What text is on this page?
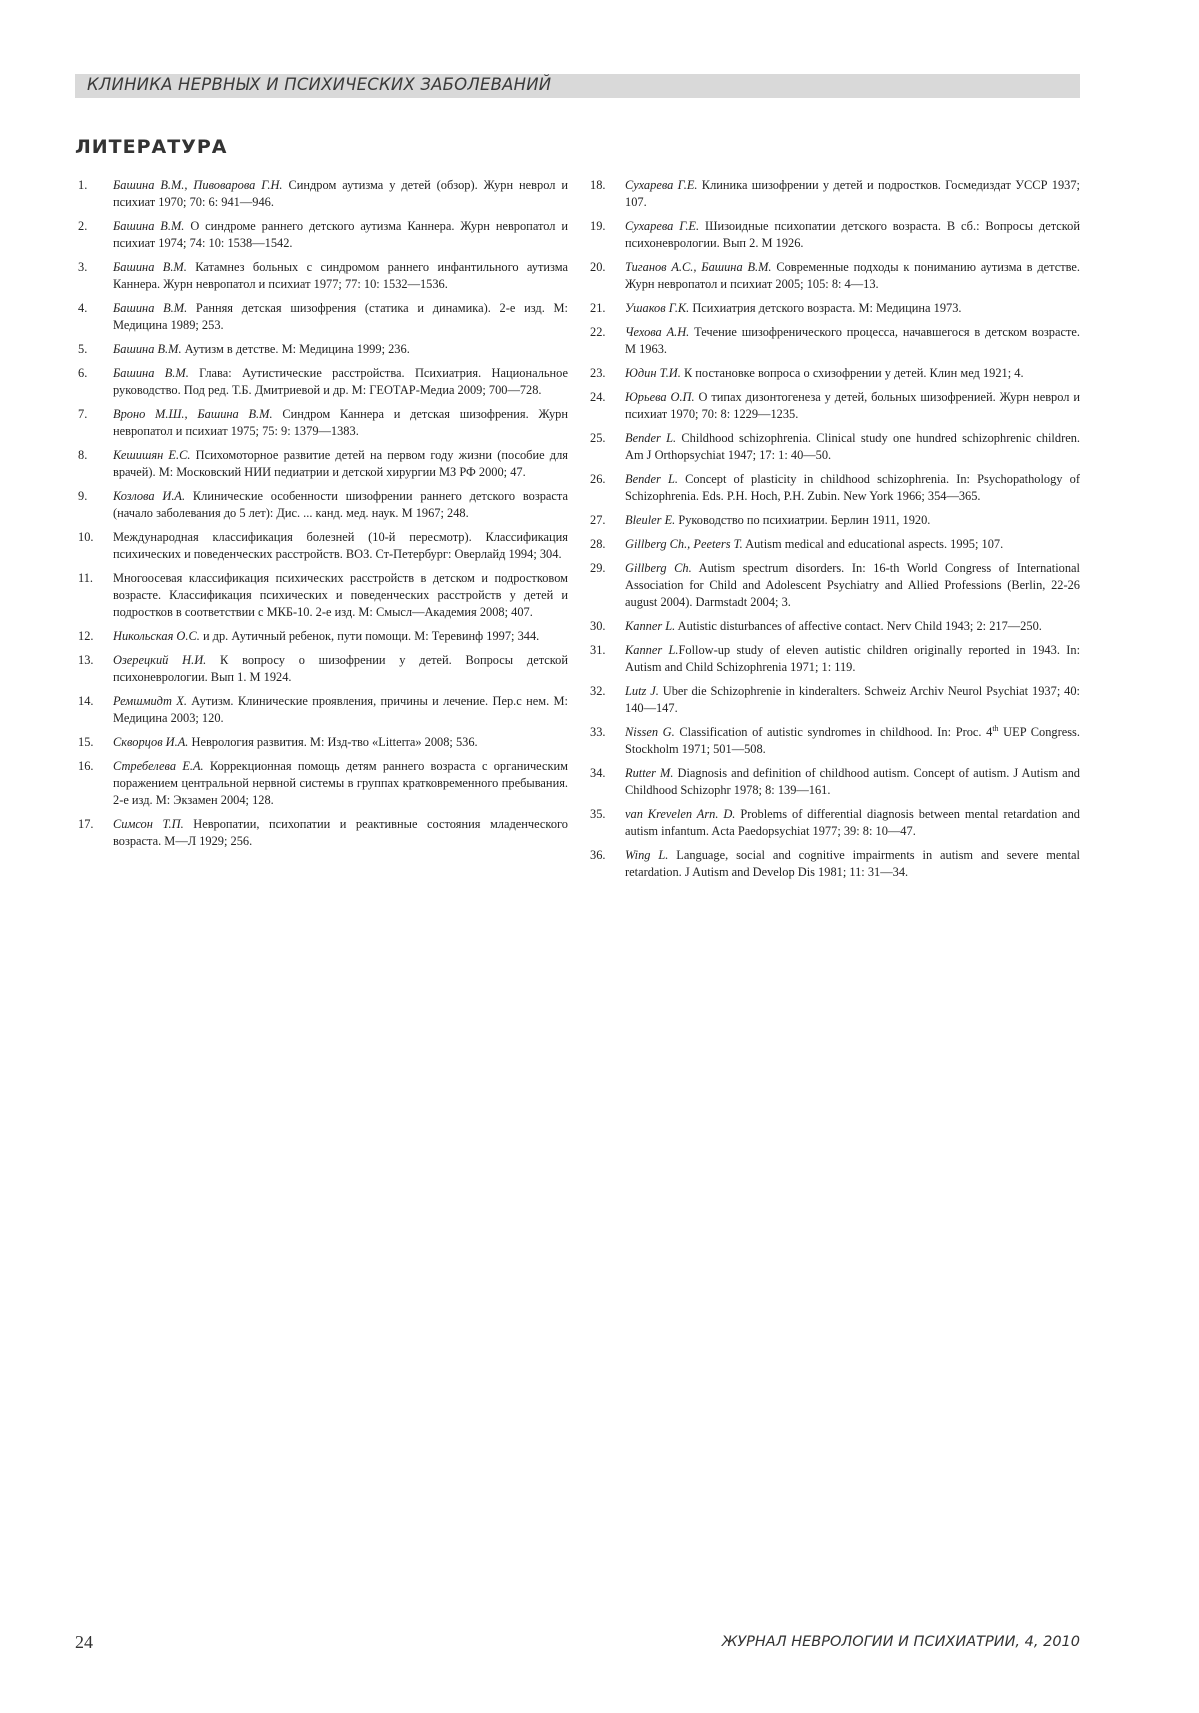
КЛИНИКА НЕРВНЫХ И ПСИХИЧЕСКИХ ЗАБОЛЕВАНИЙ
ЛИТЕРАТУРА
1. Башина В.М., Пивоварова Г.Н. Синдром аутизма у детей (обзор). Журн неврол и психиат 1970; 70: 6: 941—946.
2. Башина В.М. О синдроме раннего детского аутизма Каннера. Журн невропатол и психиат 1974; 74: 10: 1538—1542.
3. Башина В.М. Катамнез больных с синдромом раннего инфантильного аутизма Каннера. Журн невропатол и психиат 1977; 77: 10: 1532—1536.
4. Башина В.М. Ранняя детская шизофрения (статика и динамика). 2-е изд. М: Медицина 1989; 253.
5. Башина В.М. Аутизм в детстве. М: Медицина 1999; 236.
6. Башина В.М. Глава: Аутистические расстройства. Психиатрия. Национальное руководство. Под ред. Т.Б. Дмитриевой и др. М: ГЕОТАР-Медиа 2009; 700—728.
7. Вроно М.Ш., Башина В.М. Синдром Каннера и детская шизофрения. Журн невропатол и психиат 1975; 75: 9: 1379—1383.
8. Кешишян Е.С. Психомоторное развитие детей на первом году жизни (пособие для врачей). М: Московский НИИ педиатрии и детской хирургии МЗ РФ 2000; 47.
9. Козлова И.А. Клинические особенности шизофрении раннего детского возраста (начало заболевания до 5 лет): Дис. ... канд. мед. наук. М 1967; 248.
10. Международная классификация болезней (10-й пересмотр). Классификация психических и поведенческих расстройств. ВОЗ. Ст-Петербург: Оверлайд 1994; 304.
11. Многоосевая классификация психических расстройств в детском и подростковом возрасте. Классификация психических и поведенческих расстройств у детей и подростков в соответствии с МКБ-10. 2-е изд. М: Смысл—Академия 2008; 407.
12. Никольская О.С. и др. Аутичный ребенок, пути помощи. М: Теревинф 1997; 344.
13. Озерецкий Н.И. К вопросу о шизофрении у детей. Вопросы детской психоневрологии. Вып 1. М 1924.
14. Ремшмидт Х. Аутизм. Клинические проявления, причины и лечение. Пер.с нем. М: Медицина 2003; 120.
15. Скворцов И.А. Неврология развития. М: Изд-тво «Litterra» 2008; 536.
16. Стребелева Е.А. Коррекционная помощь детям раннего возраста с органическим поражением центральной нервной системы в группах кратковременного пребывания. 2-е изд. М: Экзамен 2004; 128.
17. Симсон Т.П. Невропатии, психопатии и реактивные состояния младенческого возраста. М—Л 1929; 256.
18. Сухарева Г.Е. Клиника шизофрении у детей и подростков. Госмедиздат УССР 1937; 107.
19. Сухарева Г.Е. Шизоидные психопатии детского возраста. В сб.: Вопросы детской психоневрологии. Вып 2. М 1926.
20. Тиганов А.С., Башина В.М. Современные подходы к пониманию аутизма в детстве. Журн невропатол и психиат 2005; 105: 8: 4—13.
21. Ушаков Г.К. Психиатрия детского возраста. М: Медицина 1973.
22. Чехова А.Н. Течение шизофренического процесса, начавшегося в детском возрасте. М 1963.
23. Юдин Т.И. К постановке вопроса о схизофрении у детей. Клин мед 1921; 4.
24. Юрьева О.П. О типах дизонтогенеза у детей, больных шизофренией. Журн неврол и психиат 1970; 70: 8: 1229—1235.
25. Bender L. Childhood schizophrenia. Clinical study one hundred schizophrenic children. Am J Orthopsychiat 1947; 17: 1: 40—50.
26. Bender L. Concept of plasticity in childhood schizophrenia. In: Psychopathology of Schizophrenia. Eds. P.H. Hoch, P.H. Zubin. New York 1966; 354—365.
27. Bleuler E. Руководство по психиатрии. Берлин 1911, 1920.
28. Gillberg Ch., Peeters T. Autism medical and educational aspects. 1995; 107.
29. Gillberg Ch. Autism spectrum disorders. In: 16-th World Congress of International Association for Child and Adolescent Psychiatry and Allied Professions (Berlin, 22-26 august 2004). Darmstadt 2004; 3.
30. Kanner L. Autistic disturbances of affective contact. Nerv Child 1943; 2: 217—250.
31. Kanner L.Follow-up study of eleven autistic children originally reported in 1943. In: Autism and Child Schizophrenia 1971; 1: 119.
32. Lutz J. Uber die Schizophrenie in kinderalters. Schweiz Archiv Neurol Psychiat 1937; 40: 140—147.
33. Nissen G. Classification of autistic syndromes in childhood. In: Proc. 4th UEP Congress. Stockholm 1971; 501—508.
34. Rutter M. Diagnosis and definition of childhood autism. Concept of autism. J Autism and Childhood Schizophr 1978; 8: 139—161.
35. van Krevelen Arn. D. Problems of differential diagnosis between mental retardation and autism infantum. Acta Paedopsychiat 1977; 39: 8: 10—47.
36. Wing L. Language, social and cognitive impairments in autism and severe mental retardation. J Autism and Develop Dis 1981; 11: 31—34.
24	ЖУРНАЛ НЕВРОЛОГИИ И ПСИХИАТРИИ, 4, 2010
